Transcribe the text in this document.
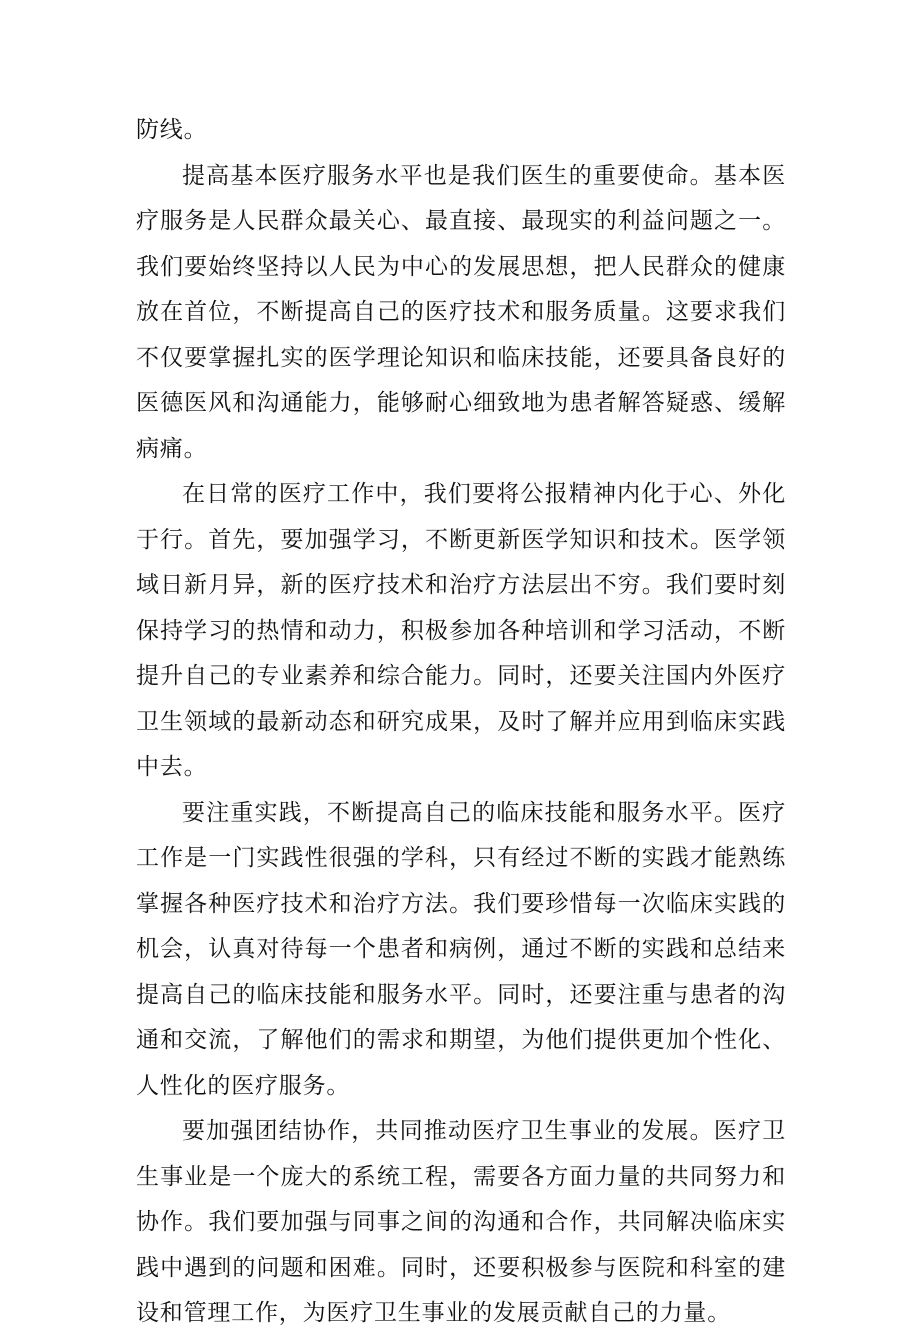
防线。

提高基本医疗服务水平也是我们医生的重要使命。基本医疗服务是人民群众最关心、最直接、最现实的利益问题之一。我们要始终坚持以人民为中心的发展思想，把人民群众的健康放在首位，不断提高自己的医疗技术和服务质量。这要求我们不仅要掌握扎实的医学理论知识和临床技能，还要具备良好的医德医风和沟通能力，能够耐心细致地为患者解答疑惑、缓解病痛。

在日常的医疗工作中，我们要将公报精神内化于心、外化于行。首先，要加强学习，不断更新医学知识和技术。医学领域日新月异，新的医疗技术和治疗方法层出不穷。我们要时刻保持学习的热情和动力，积极参加各种培训和学习活动，不断提升自己的专业素养和综合能力。同时，还要关注国内外医疗卫生领域的最新动态和研究成果，及时了解并应用到临床实践中去。

要注重实践，不断提高自己的临床技能和服务水平。医疗工作是一门实践性很强的学科，只有经过不断的实践才能熟练掌握各种医疗技术和治疗方法。我们要珍惜每一次临床实践的机会，认真对待每一个患者和病例，通过不断的实践和总结来提高自己的临床技能和服务水平。同时，还要注重与患者的沟通和交流，了解他们的需求和期望，为他们提供更加个性化、人性化的医疗服务。

要加强团结协作，共同推动医疗卫生事业的发展。医疗卫生事业是一个庞大的系统工程，需要各方面力量的共同努力和协作。我们要加强与同事之间的沟通和合作，共同解决临床实践中遇到的问题和困难。同时，还要积极参与医院和科室的建设和管理工作，为医疗卫生事业的发展贡献自己的力量。
